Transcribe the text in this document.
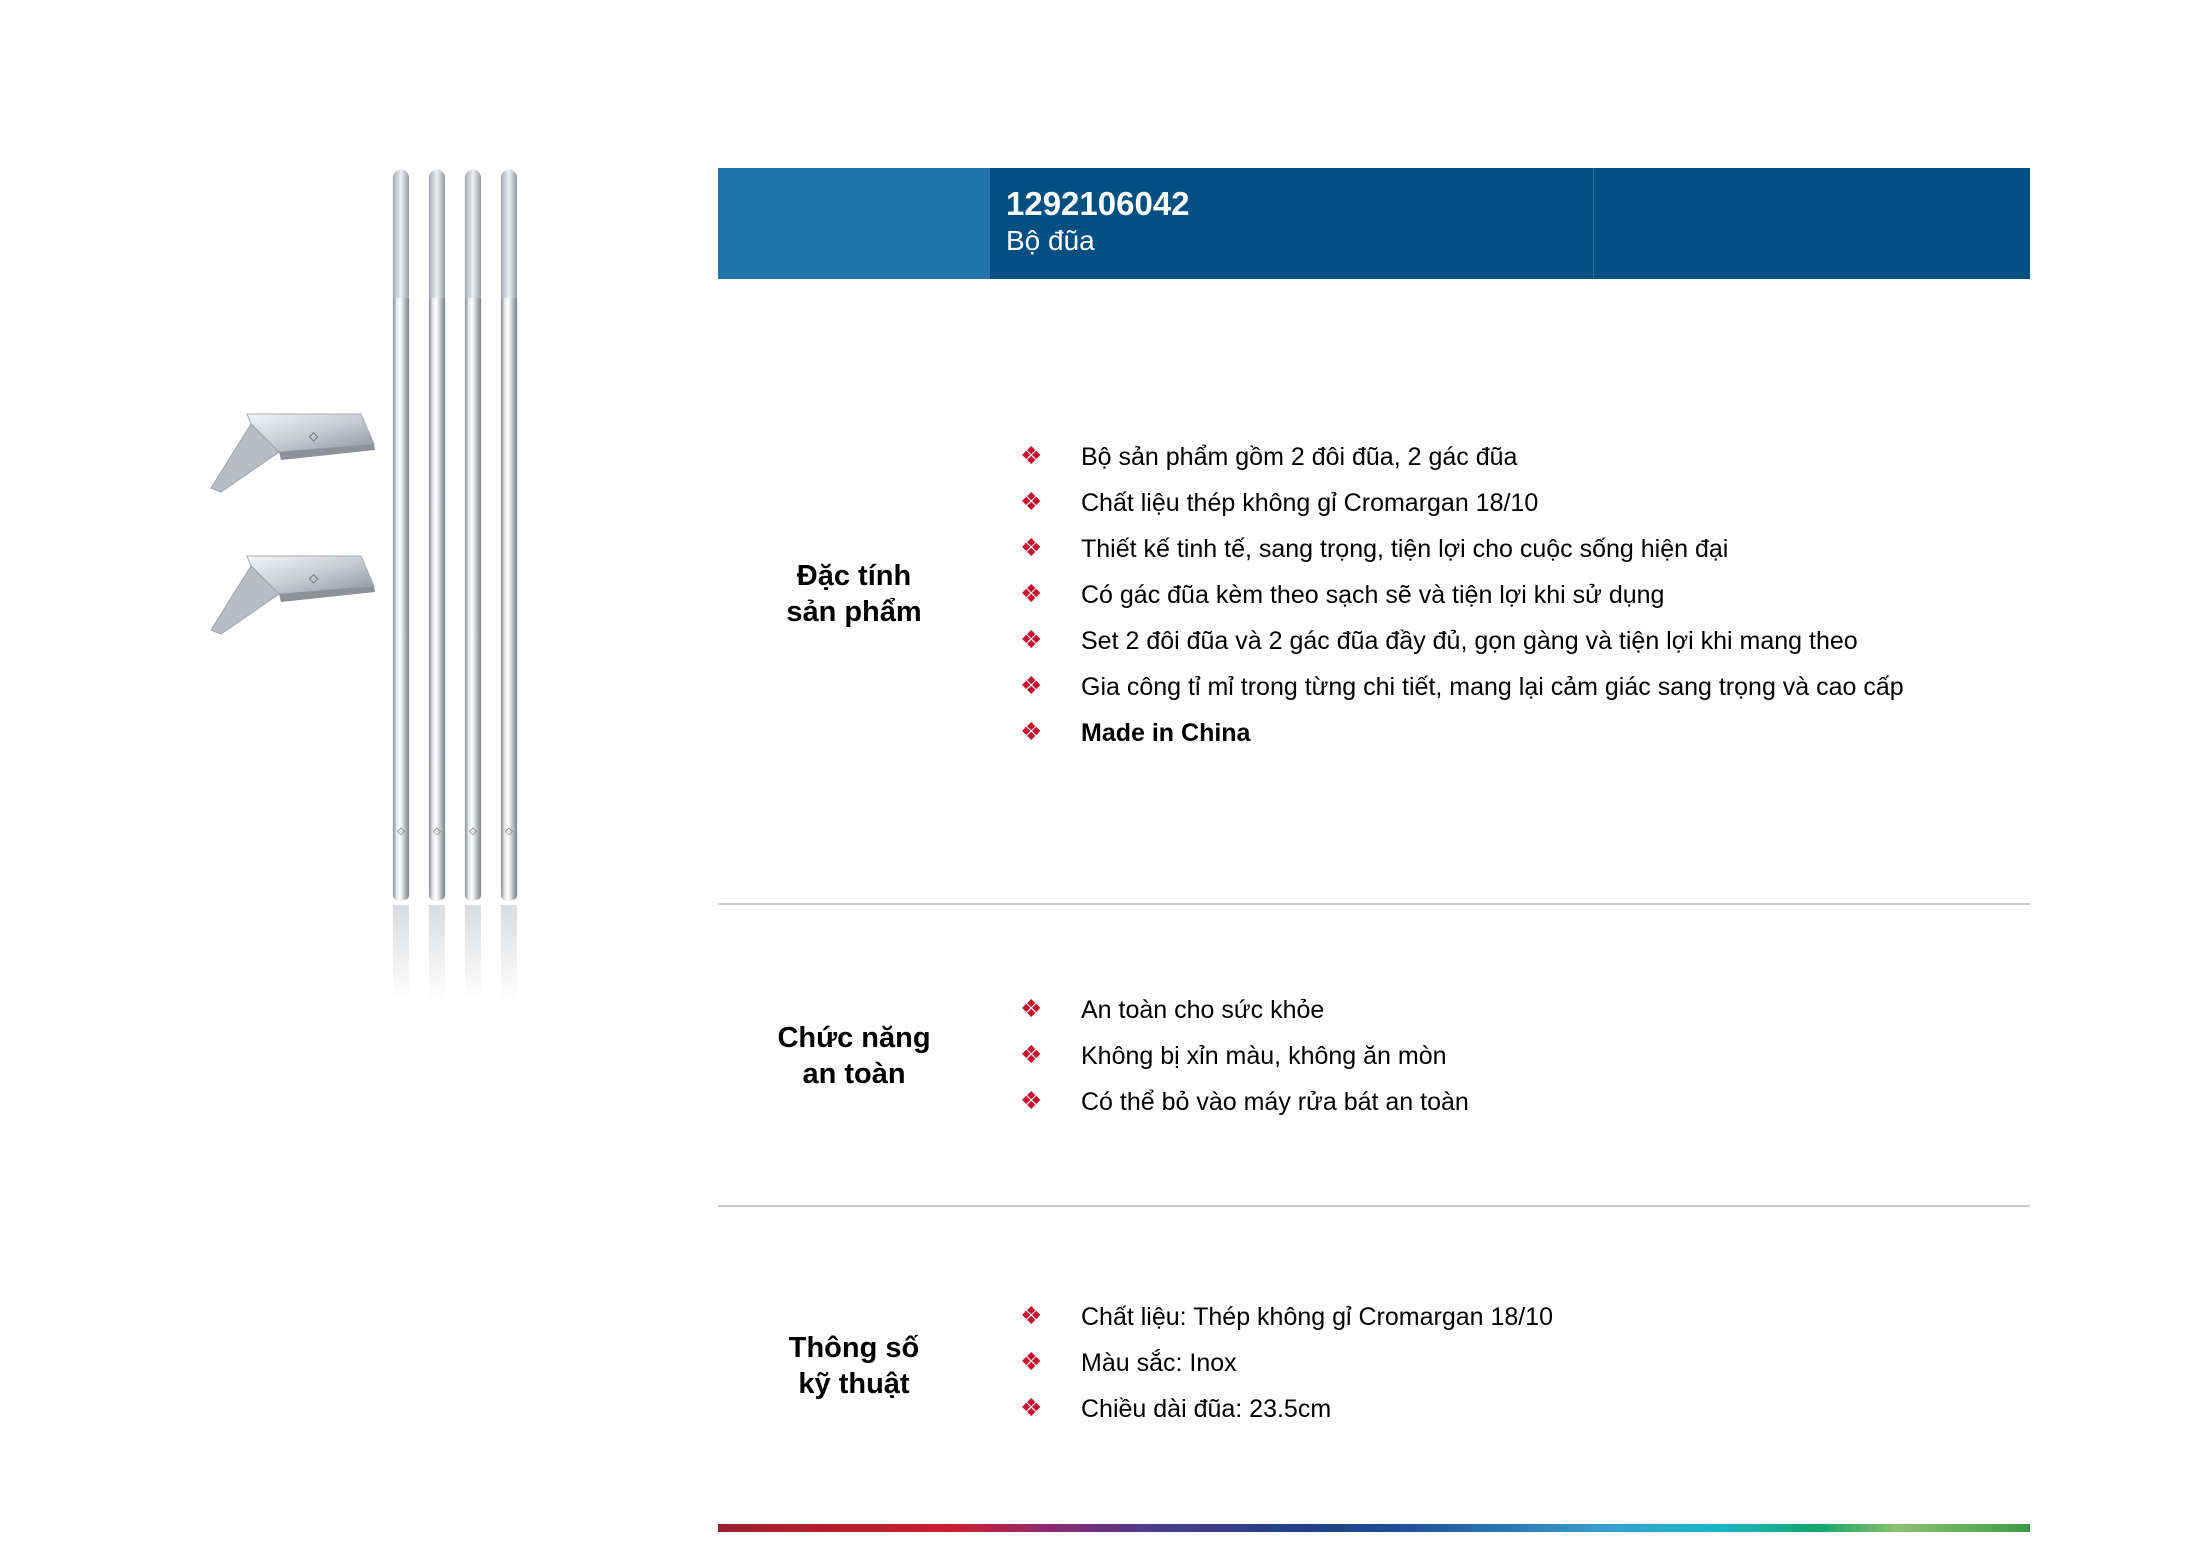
◇	◇	◇	◇
◇
◇
1292106042
Bộ đũa
Đặc tính
sản phẩm
❖ Bộ sản phẩm gồm 2 đôi đũa, 2 gác đũa
❖ Chất liệu thép không gỉ Cromargan 18/10
❖ Thiết kế tinh tế, sang trọng, tiện lợi cho cuộc sống hiện đại
❖ Có gác đũa kèm theo sạch sẽ và tiện lợi khi sử dụng
❖ Set 2 đôi đũa và 2 gác đũa đầy đủ, gọn gàng và tiện lợi khi mang theo
❖ Gia công tỉ mỉ trong từng chi tiết, mang lại cảm giác sang trọng và cao cấp
❖ Made in China
Chức năng
an toàn
❖ An toàn cho sức khỏe
❖ Không bị xỉn màu, không ăn mòn
❖ Có thể bỏ vào máy rửa bát an toàn
Thông số
kỹ thuật
❖ Chất liệu: Thép không gỉ Cromargan 18/10
❖ Màu sắc: Inox
❖ Chiều dài đũa: 23.5cm
